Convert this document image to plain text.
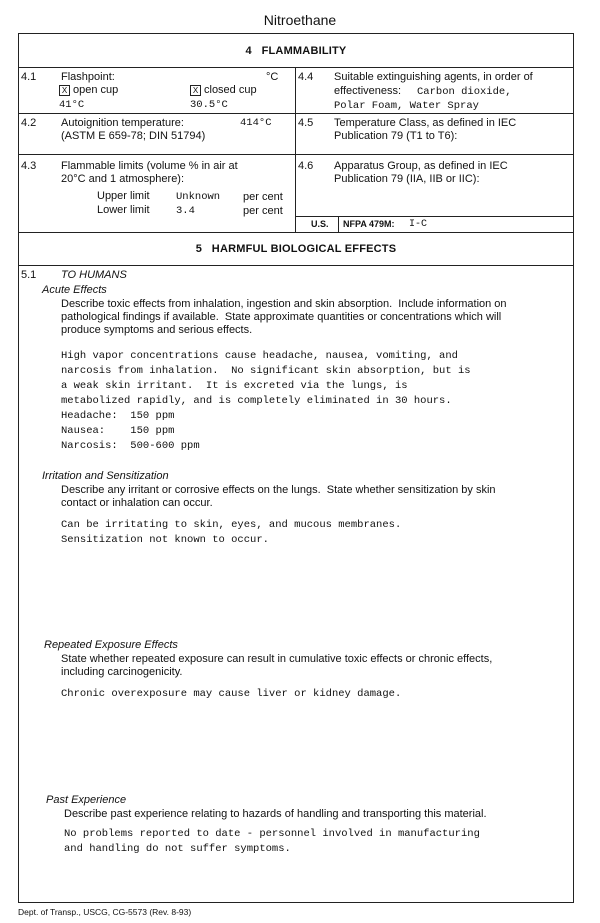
Nitroethane
4   FLAMMABILITY
4.1 Flashpoint:	°C
X open cup	X closed cup
41°C	30.5°C
4.2 Autoignition temperature:	414°C
(ASTM E 659-78; DIN 51794)
4.3 Flammable limits (volume % in air at
20°C and 1 atmosphere):
Upper limit	Unknown per cent
Lower limit	3.4	per cent
4.4 Suitable extinguishing agents, in order of
effectiveness: Carbon dioxide,
Polar Foam, Water Spray
4.5 Temperature Class, as defined in IEC
Publication 79 (T1 to T6):
4.6 Apparatus Group, as defined in IEC
Publication 79 (IIA, IIB or IIC):
U.S. NFPA 479M: I-C
5   HARMFUL BIOLOGICAL EFFECTS
5.1 TO HUMANS
Acute Effects
Describe toxic effects from inhalation, ingestion and skin absorption.  Include information on
pathological findings if available.  State approximate quantities or concentrations which will
produce symptoms and serious effects.
High vapor concentrations cause headache, nausea, vomiting, and
narcosis from inhalation.  No significant skin absorption, but is
a weak skin irritant.  It is excreted via the lungs, is
metabolized rapidly, and is completely eliminated in 30 hours.
Headache:  150 ppm
Nausea:    150 ppm
Narcosis:  500-600 ppm
Irritation and Sensitization
Describe any irritant or corrosive effects on the lungs.  State whether sensitization by skin
contact or inhalation can occur.
Can be irritating to skin, eyes, and mucous membranes.
Sensitization not known to occur.
Repeated Exposure Effects
State whether repeated exposure can result in cumulative toxic effects or chronic effects,
including carcinogenicity.
Chronic overexposure may cause liver or kidney damage.
Past Experience
Describe past experience relating to hazards of handling and transporting this material.
No problems reported to date - personnel involved in manufacturing
and handling do not suffer symptoms.
Dept. of Transp., USCG, CG-5573 (Rev. 8-93)
